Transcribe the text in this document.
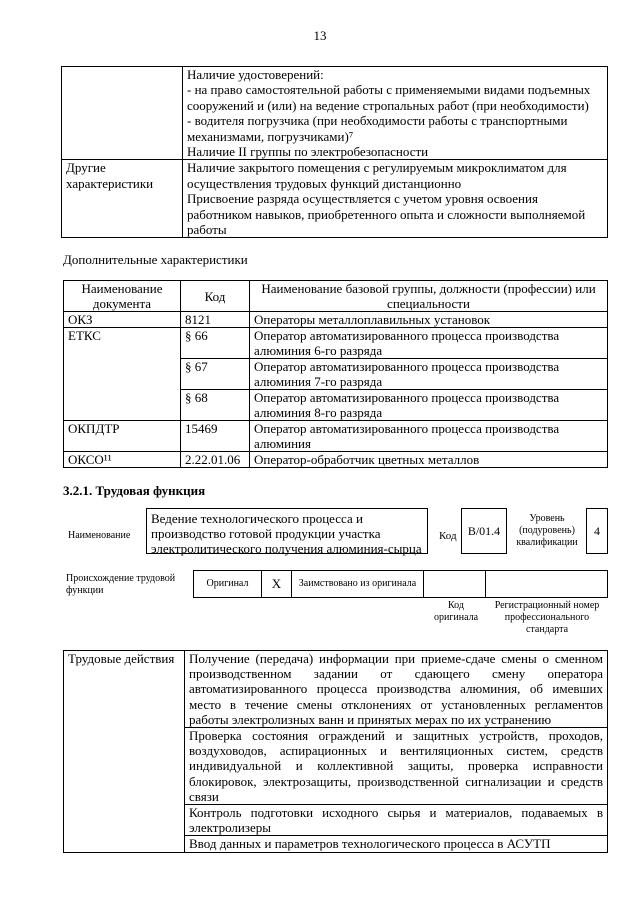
13

	Наличие удостоверений:
- на право самостоятельной работы с применяемыми видами подъемных сооружений и (или) на ведение стропальных работ (при необходимости)
- водителя погрузчика (при необходимости работы с транспортными механизмами, погрузчиками)⁷
Наличие II группы по электробезопасности

Другие характеристики	Наличие закрытого помещения с регулируемым микроклиматом для осуществления трудовых функций дистанционно
Присвоение разряда осуществляется с учетом уровня освоения работником навыков, приобретенного опыта и сложности выполняемой работы
Дополнительные характеристики
Наименование документа	Код	Наименование базовой группы, должности (профессии) или специальности
ОКЗ	8121	Операторы металлоплавильных установок
ЕТКС	§ 66	Оператор автоматизированного процесса производства алюминия 6-го разряда
	§ 67	Оператор автоматизированного процесса производства алюминия 7-го разряда
	§ 68	Оператор автоматизированного процесса производства алюминия 8-го разряда
ОКПДТР	15469	Оператор автоматизированного процесса производства алюминия
ОКСО¹¹	2.22.01.06	Оператор-обработчик цветных металлов
3.2.1. Трудовая функция
Наименование
Ведение технологического процесса и производство готовой продукции участка электролитического получения алюминия-сырца
Код В/01.4
Уровень (подуровень) квалификации
4
Происхождение трудовой функции
Оригинал	X	Заимствовано из оригинала
Код оригинала
Регистрационный номер профессионального стандарта
Трудовые действия	Получение (передача) информации при приеме-сдаче смены о сменном производственном задании от сдающего смену оператора автоматизированного процесса производства алюминия, об имевших место в течение смены отклонениях от установленных регламентов работы электролизных ванн и принятых мерах по их устранению
Проверка состояния ограждений и защитных устройств, проходов, воздуховодов, аспирационных и вентиляционных систем, средств индивидуальной и коллективной защиты, проверка исправности блокировок, электрозащиты, производственной сигнализации и средств связи
Контроль подготовки исходного сырья и материалов, подаваемых в электролизеры
Ввод данных и параметров технологического процесса в АСУТП
